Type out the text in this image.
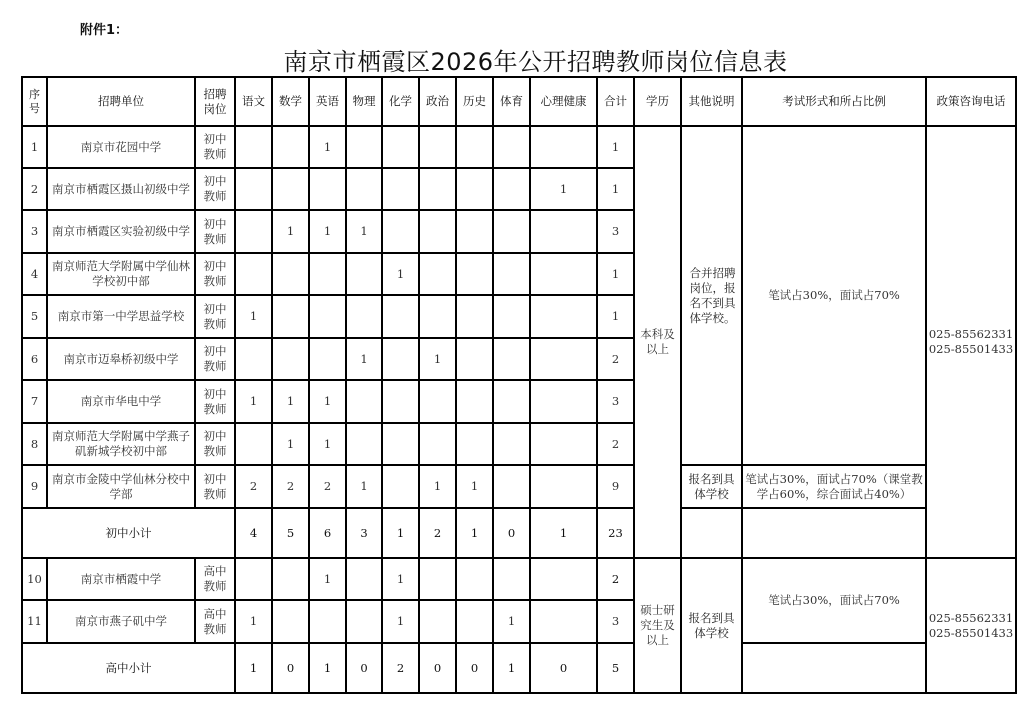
附件1：
南京市栖霞区2026年公开招聘教师岗位信息表
序号	招聘单位	招聘岗位	语文	数学	英语	物理	化学	政治	历史	体育	心理健康	合计	学历	其他说明	考试形式和所占比例	政策咨询电话
1	南京市花园中学	初中教师			1							1	本科及以上	合并招聘岗位，报名不到具体学校。	笔试占30%，面试占70%	025-85562331
025-85501433

2	南京市栖霞区摄山初级中学	初中教师									1	1				
3	南京市栖霞区实验初级中学	初中教师		1	1	1						3				
4	南京师范大学附属中学仙林学校初中部	初中教师					1					1				
5	南京市第一中学思益学校	初中教师	1									1				
6	南京市迈皋桥初级中学	初中教师				1		1				2				
7	南京市华电中学	初中教师	1	1	1							3				
8	南京师范大学附属中学燕子矶新城学校初中部	初中教师		1	1							2				
9	南京市金陵中学仙林分校中学部	初中教师	2	2	2	1		1	1			9		报名到具体学校	笔试占30%，面试占70%（课堂教学占60%，综合面试占40%）	
初中小计			4	5	6	3	1	2	1	0	1	23				
10	南京市栖霞中学	高中教师			1		1					2	硕士研究生及以上	报名到具体学校	笔试占30%，面试占70%	025-85562331
025-85501433

11	南京市燕子矶中学	高中教师	1				1			1		3				
高中小计			1	0	1	0	2	0	0	1	0	5				
